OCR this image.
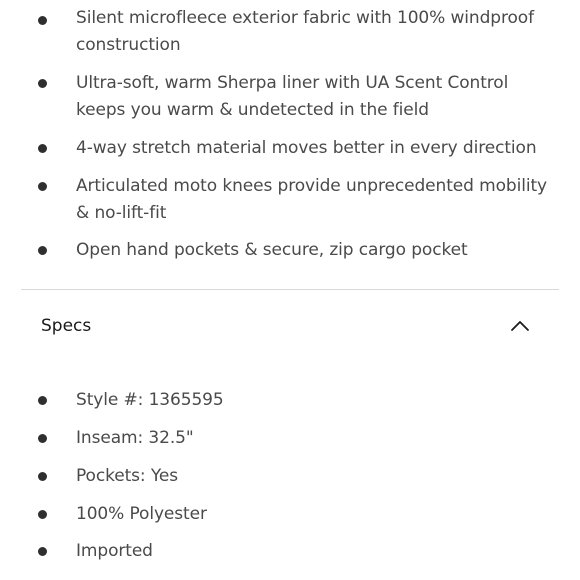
Silent microfleece exterior fabric with 100% windproof construction
Ultra-soft, warm Sherpa liner with UA Scent Control keeps you warm & undetected in the field
4-way stretch material moves better in every direction
Articulated moto knees provide unprecedented mobility & no-lift-fit
Open hand pockets & secure, zip cargo pocket
Specs
Style #: 1365595
Inseam: 32.5"
Pockets: Yes
100% Polyester
Imported
